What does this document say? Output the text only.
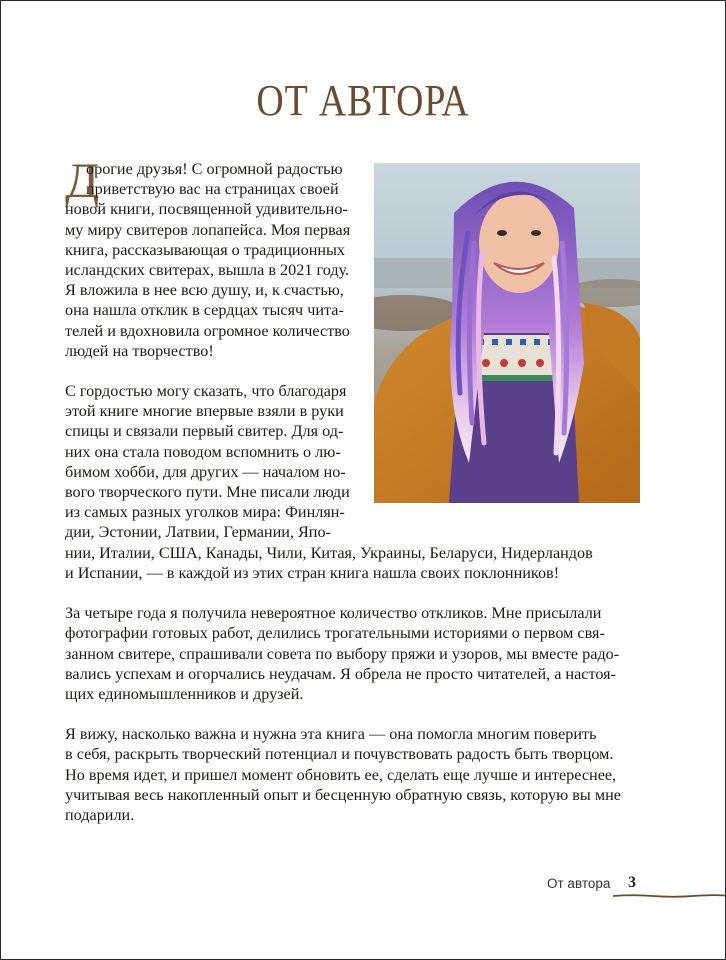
ОТ АВТОРА
Д
орогие друзья! С огромной радостью
приветствую вас на страницах своей
новой книги, посвященной удивительно-
му миру свитеров лопапейса. Моя первая
книга, рассказывающая о традиционных
исландских свитерах, вышла в 2021 году.
Я вложила в нее всю душу, и, к счастью,
она нашла отклик в сердцах тысяч чита-
телей и вдохновила огромное количество
людей на творчество!
С гордостью могу сказать, что благодаря
этой книге многие впервые взяли в руки
спицы и связали первый свитер. Для од-
них она стала поводом вспомнить о лю-
бимом хобби, для других — началом но-
вого творческого пути. Мне писали люди
из самых разных уголков мира: Финлян-
дии, Эстонии, Латвии, Германии, Япо-
нии, Италии, США, Канады, Чили, Китая, Украины, Беларуси, Нидерландов
и Испании, — в каждой из этих стран книга нашла своих поклонников!
За четыре года я получила невероятное количество откликов. Мне присылали
фотографии готовых работ, делились трогательными историями о первом свя-
занном свитере, спрашивали совета по выбору пряжи и узоров, мы вместе радо-
вались успехам и огорчались неудачам. Я обрела не просто читателей, а настоя-
щих единомышленников и друзей.
Я вижу, насколько важна и нужна эта книга — она помогла многим поверить
в себя, раскрыть творческий потенциал и почувствовать радость быть творцом.
Но время идет, и пришел момент обновить ее, сделать еще лучше и интереснее,
учитывая весь накопленный опыт и бесценную обратную связь, которую вы мне
подарили.
От автора 3
